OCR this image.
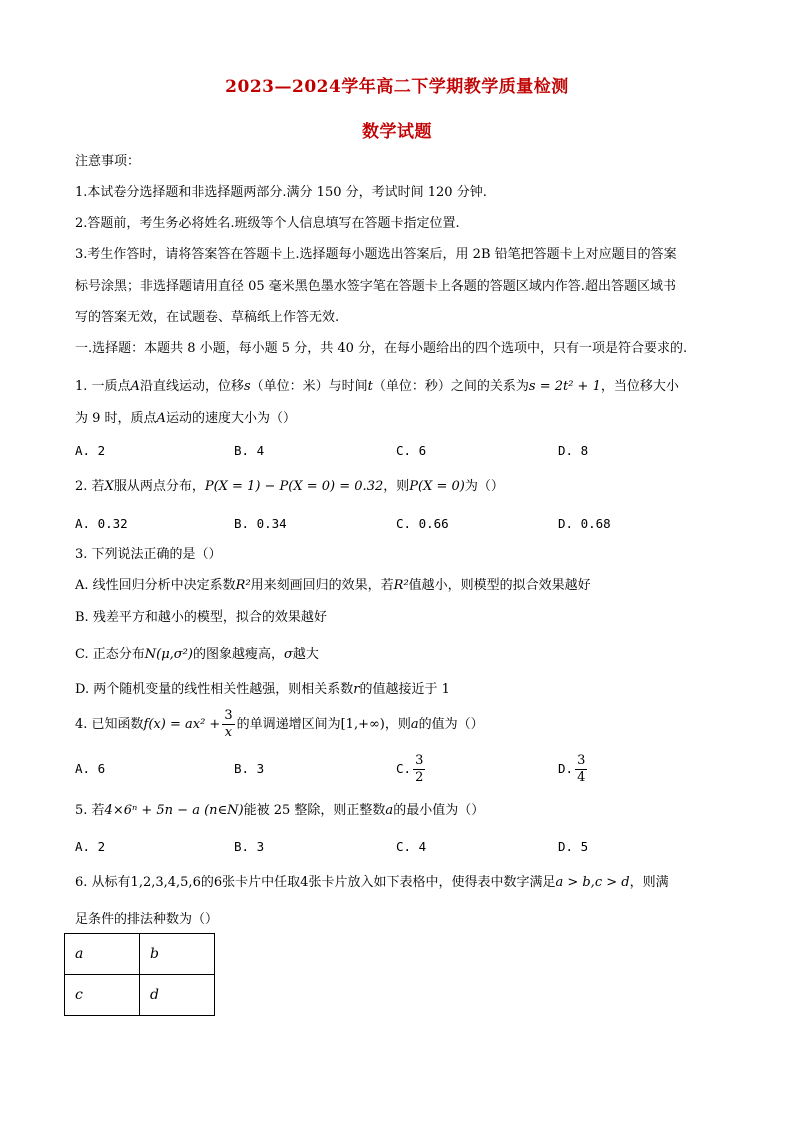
2023—2024学年高二下学期教学质量检测
数学试题
注意事项：
1.本试卷分选择题和非选择题两部分.满分 150 分，考试时间 120 分钟.
2.答题前，考生务必将姓名.班级等个人信息填写在答题卡指定位置.
3.考生作答时，请将答案答在答题卡上.选择题每小题选出答案后，用 2B 铅笔把答题卡上对应题目的答案
标号涂黑；非选择题请用直径 05 毫米黑色墨水签字笔在答题卡上各题的答题区域内作答.超出答题区域书
写的答案无效，在试题卷、草稿纸上作答无效.
一.选择题：本题共 8 小题，每小题 5 分，共 40 分，在每小题给出的四个选项中，只有一项是符合要求的.
1. 一质点A沿直线运动，位移s（单位：米）与时间t（单位：秒）之间的关系为s = 2t² + 1，当位移大小
为 9 时，质点A运动的速度大小为（）
A. 2	B. 4	C. 6	D. 8
2. 若X服从两点分布，P(X = 1) − P(X = 0) = 0.32，则P(X = 0)为（）
A. 0.32	B. 0.34	C. 0.66	D. 0.68
3. 下列说法正确的是（）
A. 线性回归分析中决定系数R²用来刻画回归的效果，若R²值越小，则模型的拟合效果越好
B. 残差平方和越小的模型，拟合的效果越好
C. 正态分布N(μ,σ²)的图象越瘦高，σ越大
D. 两个随机变量的线性相关性越强，则相关系数r的值越接近于 1
4. 已知函数$f(x) = ax^2 + \frac{3}{x}$ 的单调递增区间为[1,+∞)，则a的值为（）
A. 6	B. 3	C. $\frac{3}{2}$	D. $\frac{3}{4}$
5. 若4×6ⁿ + 5n − a (n∈N)能被 25 整除，则正整数a的最小值为（）
A. 2	B. 3	C. 4	D. 5
6. 从标有1,2,3,4,5,6的6张卡片中任取4张卡片放入如下表格中，使得表中数字满足a > b,c > d，则满
足条件的排法种数为（）
a	b
c	d
